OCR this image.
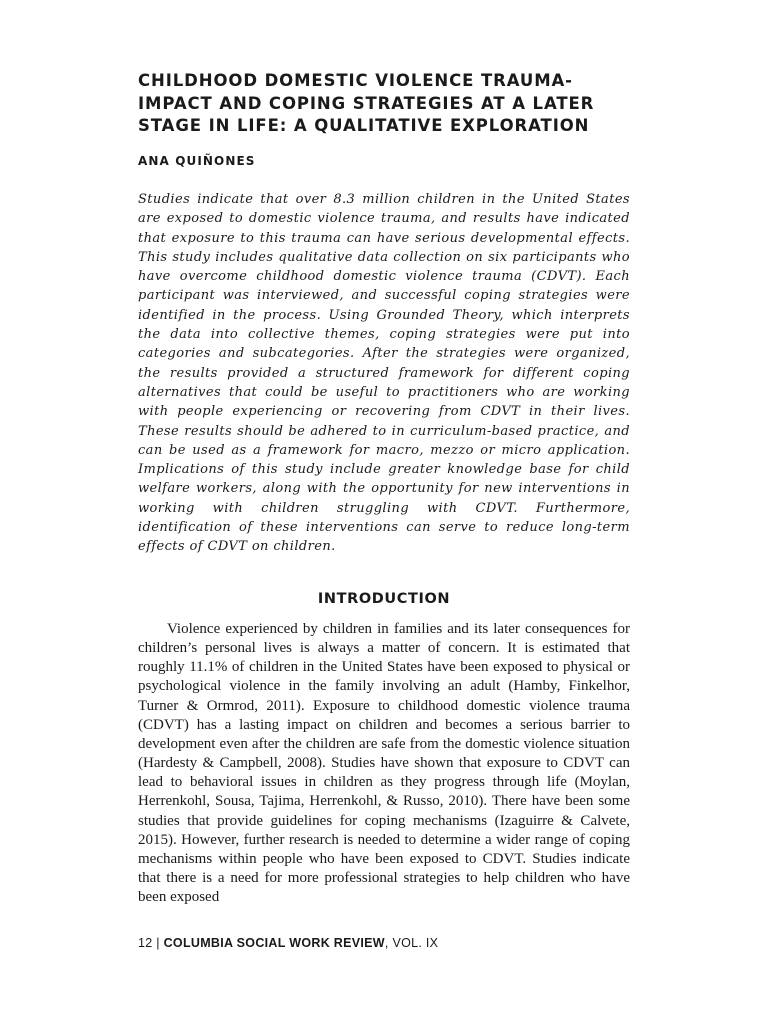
CHILDHOOD DOMESTIC VIOLENCE TRAUMA-IMPACT AND COPING STRATEGIES AT A LATER STAGE IN LIFE: A QUALITATIVE EXPLORATION

ANA QUIÑONES

Studies indicate that over 8.3 million children in the United States are exposed to domestic violence trauma, and results have indicated that exposure to this trauma can have serious developmental effects. This study includes qualitative data collection on six participants who have overcome childhood domestic violence trauma (CDVT). Each participant was interviewed, and successful coping strategies were identified in the process. Using Grounded Theory, which interprets the data into collective themes, coping strategies were put into categories and subcategories. After the strategies were organized, the results provided a structured framework for different coping alternatives that could be useful to practitioners who are working with people experiencing or recovering from CDVT in their lives. These results should be adhered to in curriculum-based practice, and can be used as a framework for macro, mezzo or micro application. Implications of this study include greater knowledge base for child welfare workers, along with the opportunity for new interventions in working with children struggling with CDVT. Furthermore, identification of these interventions can serve to reduce long-term effects of CDVT on children.

INTRODUCTION

Violence experienced by children in families and its later consequences for children’s personal lives is always a matter of concern. It is estimated that roughly 11.1% of children in the United States have been exposed to physical or psychological violence in the family involving an adult (Hamby, Finkelhor, Turner & Ormrod, 2011). Exposure to childhood domestic violence trauma (CDVT) has a lasting impact on children and becomes a serious barrier to development even after the children are safe from the domestic violence situation (Hardesty & Campbell, 2008). Studies have shown that exposure to CDVT can lead to behavioral issues in children as they progress through life (Moylan, Herrenkohl, Sousa, Tajima, Herrenkohl, & Russo, 2010). There have been some studies that provide guidelines for coping mechanisms (Izaguirre & Calvete, 2015). However, further research is needed to determine a wider range of coping mechanisms within people who have been exposed to CDVT. Studies indicate that there is a need for more professional strategies to help children who have been exposed

12 | COLUMBIA SOCIAL WORK REVIEW, VOL. IX
